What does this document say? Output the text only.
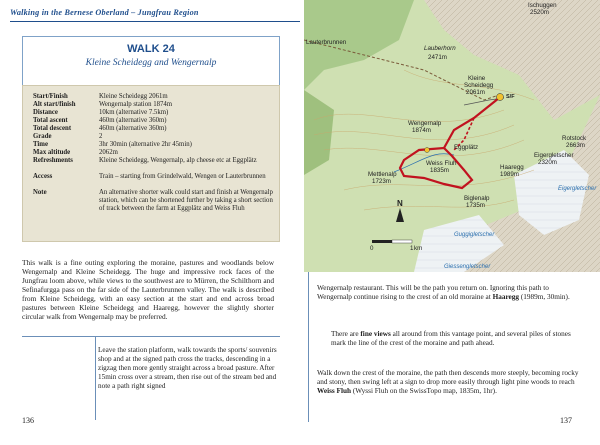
Walking in the Bernese Oberland – Jungfrau Region
WALK 24
Kleine Scheidegg and Wengernalp
Start/Finish	Kleine Scheidegg 2061m
Alt start/finish	Wengernalp station 1874m
Distance	10km (alternative 7.5km)
Total ascent	460m (alternative 360m)
Total descent	460m (alternative 360m)
Grade	2
Time	3hr 30min (alternative 2hr 45min)
Max altitude	2062m
Refreshments	Kleine Scheidegg, Wengernalp, alp cheese etc at Eggplätz
Access	Train – starting from Grindelwald, Wengen or Lauterbrunnen
Note	An alternative shorter walk could start and finish at Wengernalp station, which can be shortened further by taking a short section of track between the farm at Eggplätz and Weiss Fluh
This walk is a fine outing exploring the moraine, pastures and woodlands below Wengernalp and Kleine Scheidegg. The huge and impressive rock faces of the Jungfrau loom above, while views to the southwest are to Mürren, the Schilthorn and Sefinafurgga pass on the far side of the Lauterbrunnen valley. The walk is described from Kleine Scheidegg, with an easy section at the start and end across broad pastures between Kleine Scheidegg and Haaregg, however the slightly shorter circular walk from Wengernalp may be preferred.
Leave the station platform, walk towards the sports/ souvenirs shop and at the signed path cross the tracks, descending in a zigzag then more gently straight across a broad pasture. After 15min cross over a stream, then rise out of the stream bed and note a path right signed
136
S/F
Ischuggen
2520m
Lauterbrunnen
Lauberhorn
2471m
Kleine
Scheidegg
2061m
Wengernalp
1874m
Eggplätz
Weiss Fluh
1835m	Haaregg
1989m
Mettlenalp
1723m
Biglenalp
1735m
Eigergletscher
2320m
Rotstock
2663m
Eigergletscher
Guggigletscher
Giessengletscher
N
0	1 km
Wengernalp restaurant. This will be the path you return on. Ignoring this path to Wengernalp continue rising to the crest of an old moraine at Haaregg (1989m, 30min).
There are fine views all around from this vantage point, and several piles of stones mark the line of the crest of the moraine and path ahead.
Walk down the crest of the moraine, the path then descends more steeply, becoming rocky and stony, then swing left at a sign to drop more easily through light pine woods to reach Weiss Fluh (Wyssi Fluh on the SwissTopo map, 1835m, 1hr).
137
